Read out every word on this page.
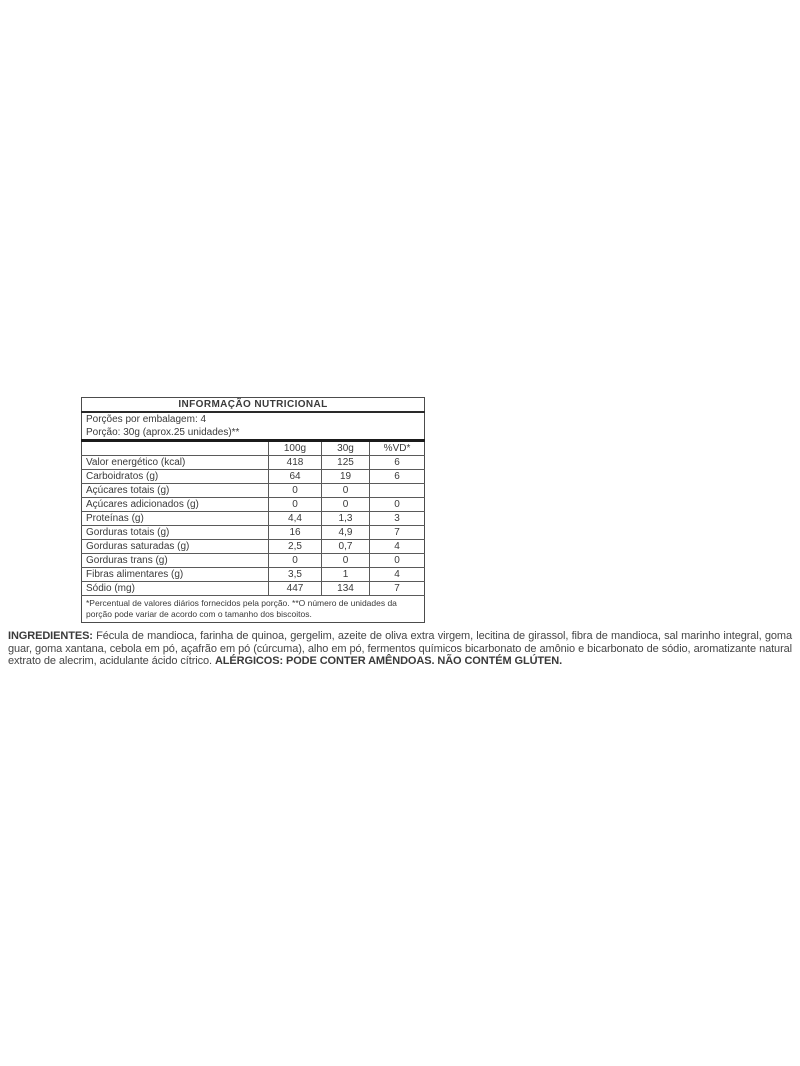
INFORMAÇÃO NUTRICIONAL			
Porções por embalagem: 4			
Porção: 30g (aprox.25 unidades)**			
	100g	30g	%VD*
Valor energético (kcal)	418	125	6
Carboidratos (g)	64	19	6
Açúcares totais (g)	0	0	
Açúcares adicionados (g)	0	0	0
Proteínas (g)	4,4	1,3	3
Gorduras totais (g)	16	4,9	7
Gorduras saturadas (g)	2,5	0,7	4
Gorduras trans (g)	0	0	0
Fibras alimentares (g)	3,5	1	4
Sódio (mg)	447	134	7
*Percentual de valores diários fornecidos pela porção. **O número de unidades da porção pode variar de acordo com o tamanho dos biscoitos.			

INGREDIENTES: Fécula de mandioca, farinha de quinoa, gergelim, azeite de oliva extra virgem, lecitina de girassol, fibra de mandioca, sal marinho integral, goma guar, goma xantana, cebola em pó, açafrão em pó (cúrcuma), alho em pó, fermentos químicos bicarbonato de amônio e bicarbonato de sódio, aromatizante natural extrato de alecrim, acidulante ácido cítrico. ALÉRGICOS: PODE CONTER AMÊNDOAS. NÃO CONTÉM GLÚTEN.
